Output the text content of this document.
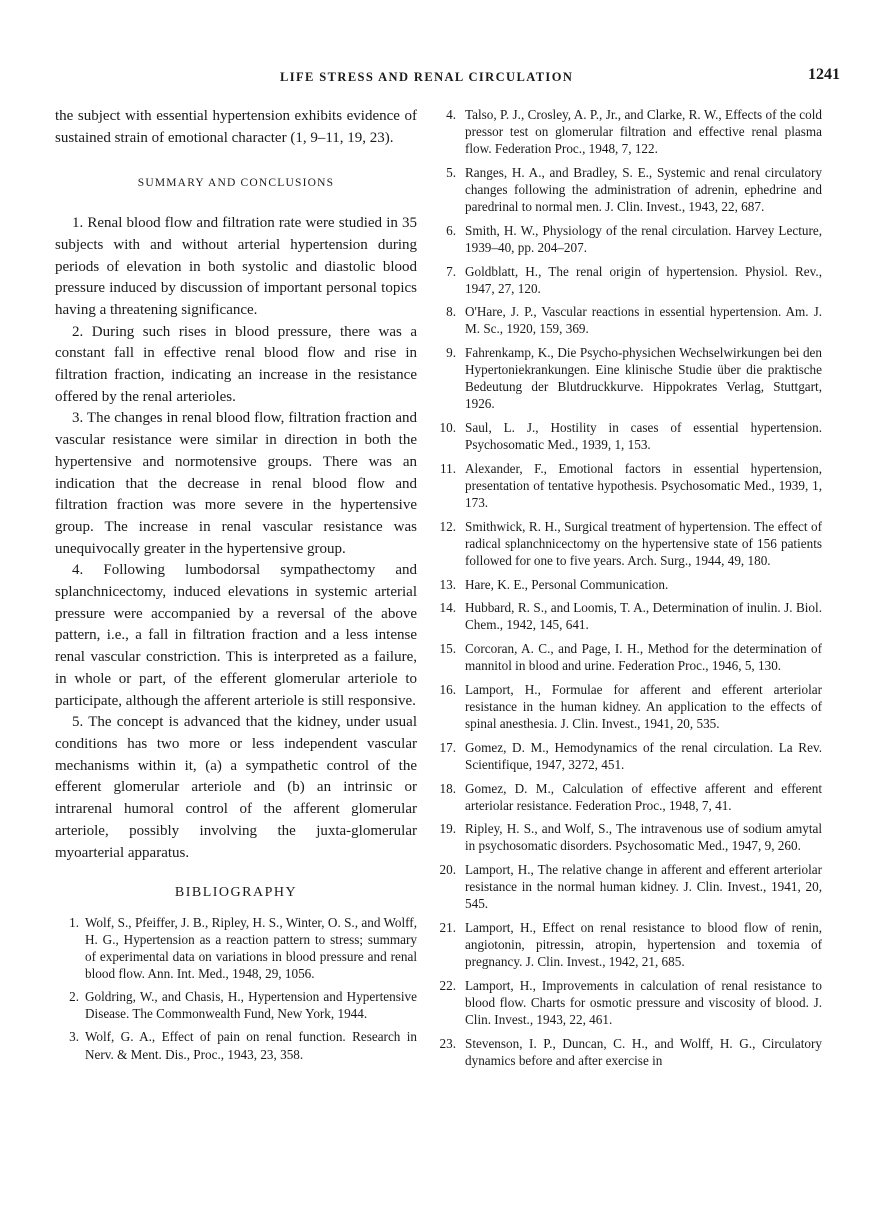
LIFE STRESS AND RENAL CIRCULATION	1241

the subject with essential hypertension exhibits evidence of sustained strain of emotional character (1, 9–11, 19, 23).

SUMMARY AND CONCLUSIONS

1. Renal blood flow and filtration rate were studied in 35 subjects with and without arterial hypertension during periods of elevation in both systolic and diastolic blood pressure induced by discussion of important personal topics having a threatening significance.

2. During such rises in blood pressure, there was a constant fall in effective renal blood flow and rise in filtration fraction, indicating an increase in the resistance offered by the renal arterioles.

3. The changes in renal blood flow, filtration fraction and vascular resistance were similar in direction in both the hypertensive and normotensive groups. There was an indication that the decrease in renal blood flow and filtration fraction was more severe in the hypertensive group. The increase in renal vascular resistance was unequivocally greater in the hypertensive group.

4. Following lumbodorsal sympathectomy and splanchnicectomy, induced elevations in systemic arterial pressure were accompanied by a reversal of the above pattern, i.e., a fall in filtration fraction and a less intense renal vascular constriction. This is interpreted as a failure, in whole or part, of the efferent glomerular arteriole to participate, although the afferent arteriole is still responsive.

5. The concept is advanced that the kidney, under usual conditions has two more or less independent vascular mechanisms within it, (a) a sympathetic control of the efferent glomerular arteriole and (b) an intrinsic or intrarenal humoral control of the afferent glomerular arteriole, possibly involving the juxta-glomerular myoarterial apparatus.

BIBLIOGRAPHY

1. Wolf, S., Pfeiffer, J. B., Ripley, H. S., Winter, O. S., and Wolff, H. G., Hypertension as a reaction pattern to stress; summary of experimental data on variations in blood pressure and renal blood flow. Ann. Int. Med., 1948, 29, 1056.
2. Goldring, W., and Chasis, H., Hypertension and Hypertensive Disease. The Commonwealth Fund, New York, 1944.
3. Wolf, G. A., Effect of pain on renal function. Research in Nerv. & Ment. Dis., Proc., 1943, 23, 358.
4. Talso, P. J., Crosley, A. P., Jr., and Clarke, R. W., Effects of the cold pressor test on glomerular filtration and effective renal plasma flow. Federation Proc., 1948, 7, 122.
5. Ranges, H. A., and Bradley, S. E., Systemic and renal circulatory changes following the administration of adrenin, ephedrine and paredrinal to normal men. J. Clin. Invest., 1943, 22, 687.
6. Smith, H. W., Physiology of the renal circulation. Harvey Lecture, 1939–40, pp. 204–207.
7. Goldblatt, H., The renal origin of hypertension. Physiol. Rev., 1947, 27, 120.
8. O'Hare, J. P., Vascular reactions in essential hypertension. Am. J. M. Sc., 1920, 159, 369.
9. Fahrenkamp, K., Die Psycho-physichen Wechselwirkungen bei den Hypertoniekrankungen. Eine klinische Studie über die praktische Bedeutung der Blutdruckkurve. Hippokrates Verlag, Stuttgart, 1926.
10. Saul, L. J., Hostility in cases of essential hypertension. Psychosomatic Med., 1939, 1, 153.
11. Alexander, F., Emotional factors in essential hypertension, presentation of tentative hypothesis. Psychosomatic Med., 1939, 1, 173.
12. Smithwick, R. H., Surgical treatment of hypertension. The effect of radical splanchnicectomy on the hypertensive state of 156 patients followed for one to five years. Arch. Surg., 1944, 49, 180.
13. Hare, K. E., Personal Communication.
14. Hubbard, R. S., and Loomis, T. A., Determination of inulin. J. Biol. Chem., 1942, 145, 641.
15. Corcoran, A. C., and Page, I. H., Method for the determination of mannitol in blood and urine. Federation Proc., 1946, 5, 130.
16. Lamport, H., Formulae for afferent and efferent arteriolar resistance in the human kidney. An application to the effects of spinal anesthesia. J. Clin. Invest., 1941, 20, 535.
17. Gomez, D. M., Hemodynamics of the renal circulation. La Rev. Scientifique, 1947, 3272, 451.
18. Gomez, D. M., Calculation of effective afferent and efferent arteriolar resistance. Federation Proc., 1948, 7, 41.
19. Ripley, H. S., and Wolf, S., The intravenous use of sodium amytal in psychosomatic disorders. Psychosomatic Med., 1947, 9, 260.
20. Lamport, H., The relative change in afferent and efferent arteriolar resistance in the normal human kidney. J. Clin. Invest., 1941, 20, 545.
21. Lamport, H., Effect on renal resistance to blood flow of renin, angiotonin, pitressin, atropin, hypertension and toxemia of pregnancy. J. Clin. Invest., 1942, 21, 685.
22. Lamport, H., Improvements in calculation of renal resistance to blood flow. Charts for osmotic pressure and viscosity of blood. J. Clin. Invest., 1943, 22, 461.
23. Stevenson, I. P., Duncan, C. H., and Wolff, H. G., Circulatory dynamics before and after exercise in
